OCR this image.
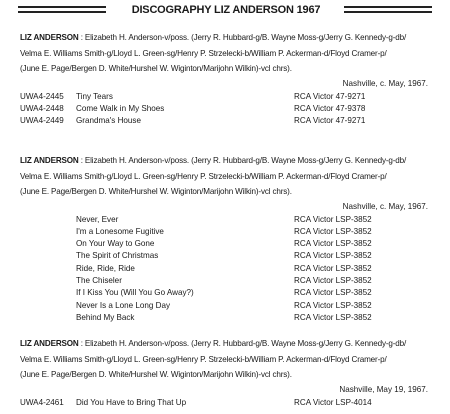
DISCOGRAPHY LIZ ANDERSON 1967

LIZ ANDERSON : Elizabeth H. Anderson-v/poss. (Jerry R. Hubbard-g/B. Wayne Moss-g/Jerry G. Kennedy-g-db/

Velma E. Williams Smith-g/Lloyd L. Green-sg/Henry P. Strzelecki-b/William P. Ackerman-d/Floyd Cramer-p/

(June E. Page/Bergen D. White/Hurshel W. Wiginton/Marijohn Wilkin)-vcl chrs).

Nashville, c. May, 1967.
UWA4-2445 Tiny Tears	RCA Victor 47-9271
UWA4-2448 Come Walk in My Shoes	RCA Victor 47-9378
UWA4-2449 Grandma's House	RCA Victor 47-9271

LIZ ANDERSON : Elizabeth H. Anderson-v/poss. (Jerry R. Hubbard-g/B. Wayne Moss-g/Jerry G. Kennedy-g-db/

Velma E. Williams Smith-g/Lloyd L. Green-sg/Henry P. Strzelecki-b/William P. Ackerman-d/Floyd Cramer-p/

(June E. Page/Bergen D. White/Hurshel W. Wiginton/Marijohn Wilkin)-vcl chrs).

Nashville, c. May, 1967.
Never, Ever	RCA Victor LSP-3852
I'm a Lonesome Fugitive	RCA Victor LSP-3852
On Your Way to Gone	RCA Victor LSP-3852
The Spirit of Christmas	RCA Victor LSP-3852
Ride, Ride, Ride	RCA Victor LSP-3852
The Chiseler	RCA Victor LSP-3852
If I Kiss You (Will You Go Away?)	RCA Victor LSP-3852
Never Is a Lone Long Day	RCA Victor LSP-3852
Behind My Back	RCA Victor LSP-3852

LIZ ANDERSON : Elizabeth H. Anderson-v/poss. (Jerry R. Hubbard-g/B. Wayne Moss-g/Jerry G. Kennedy-g-db/

Velma E. Williams Smith-g/Lloyd L. Green-sg/Henry P. Strzelecki-b/William P. Ackerman-d/Floyd Cramer-p/

(June E. Page/Bergen D. White/Hurshel W. Wiginton/Marijohn Wilkin)-vcl chrs).

Nashville, May 19, 1967.
UWA4-2461 Did You Have to Bring That Up	RCA Victor LSP-4014
